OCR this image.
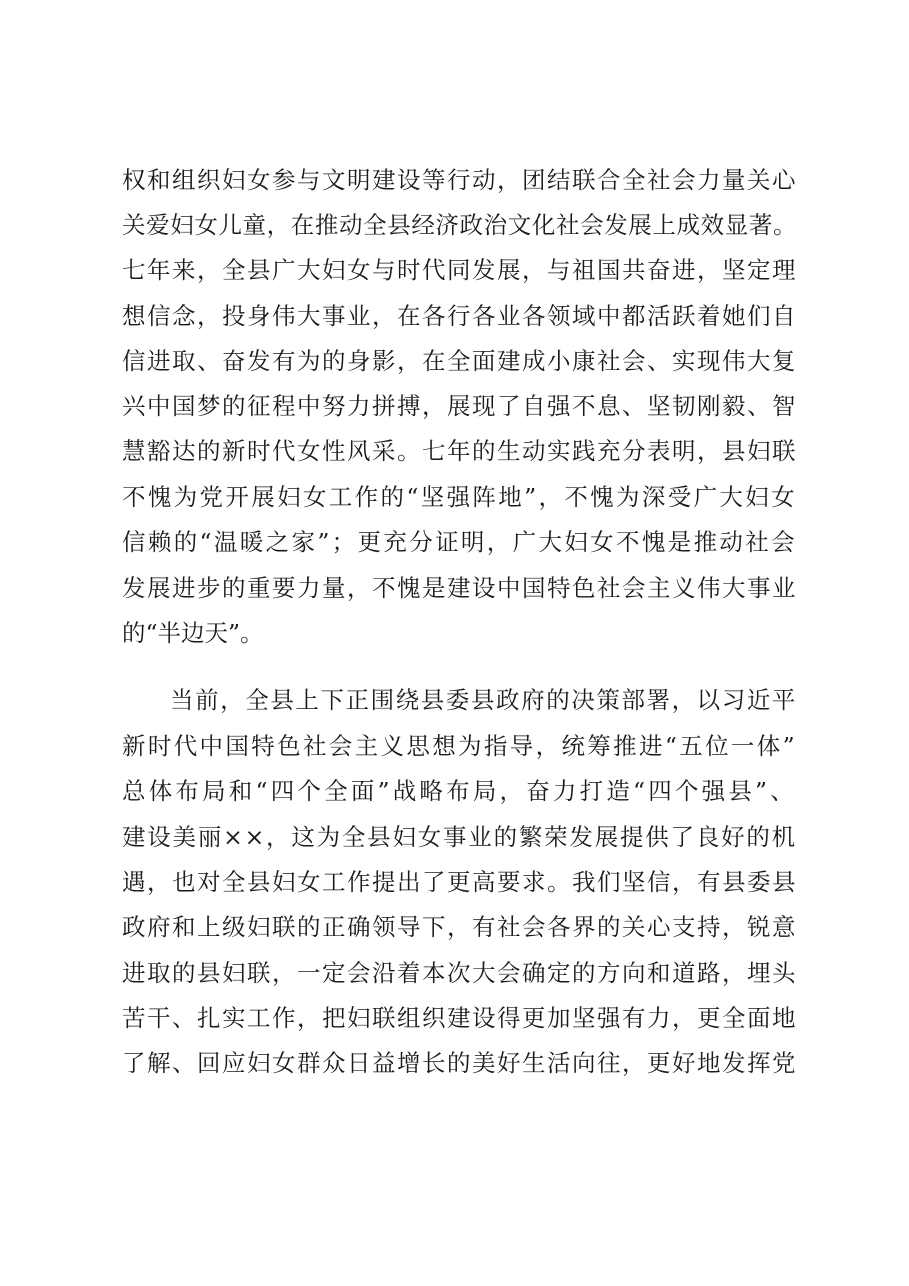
权和组织妇女参与文明建设等行动，团结联合全社会力量关心
关爱妇女儿童，在推动全县经济政治文化社会发展上成效显著。
七年来，全县广大妇女与时代同发展，与祖国共奋进，坚定理
想信念，投身伟大事业，在各行各业各领域中都活跃着她们自
信进取、奋发有为的身影，在全面建成小康社会、实现伟大复
兴中国梦的征程中努力拼搏，展现了自强不息、坚韧刚毅、智
慧豁达的新时代女性风采。七年的生动实践充分表明，县妇联
不愧为党开展妇女工作的“坚强阵地”，不愧为深受广大妇女
信赖的“温暖之家”；更充分证明，广大妇女不愧是推动社会
发展进步的重要力量，不愧是建设中国特色社会主义伟大事业
的“半边天”。
当前，全县上下正围绕县委县政府的决策部署，以习近平
新时代中国特色社会主义思想为指导，统筹推进“五位一体”
总体布局和“四个全面”战略布局，奋力打造“四个强县”、
建设美丽××，这为全县妇女事业的繁荣发展提供了良好的机
遇，也对全县妇女工作提出了更高要求。我们坚信，有县委县
政府和上级妇联的正确领导下，有社会各界的关心支持，锐意
进取的县妇联，一定会沿着本次大会确定的方向和道路，埋头
苦干、扎实工作，把妇联组织建设得更加坚强有力，更全面地
了解、回应妇女群众日益增长的美好生活向往，更好地发挥党
